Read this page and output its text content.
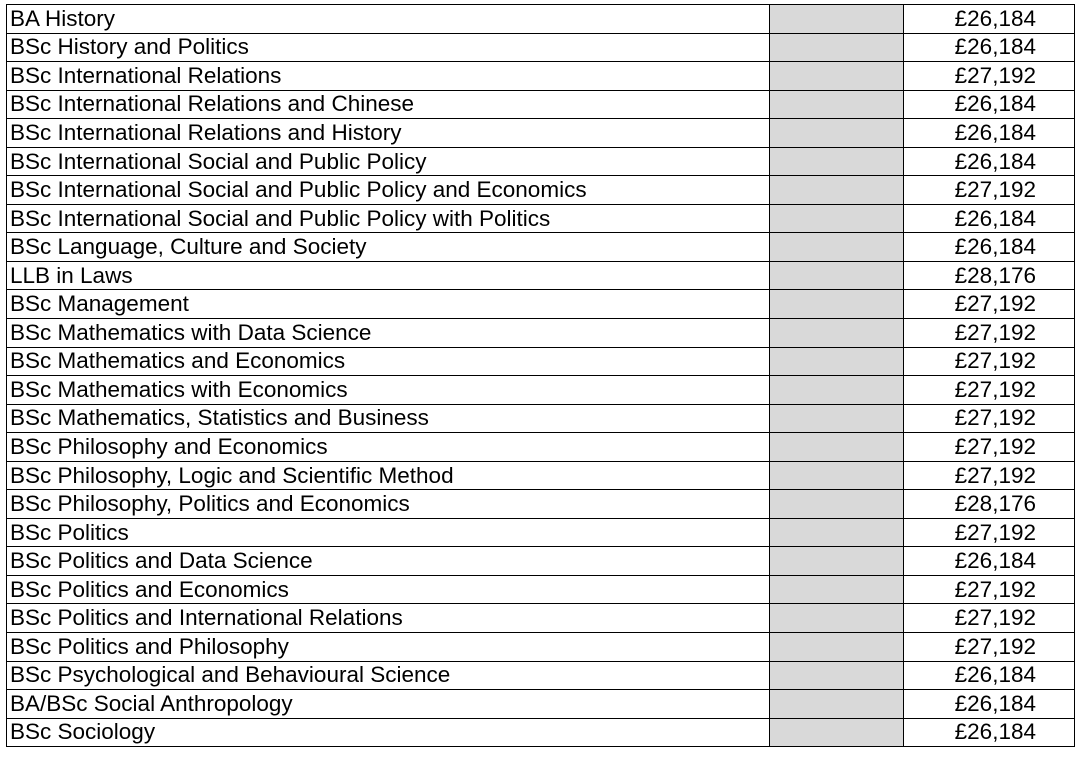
BA History		£26,184
BSc History and Politics		£26,184
BSc International Relations		£27,192
BSc International Relations and Chinese		£26,184
BSc International Relations and History		£26,184
BSc International Social and Public Policy		£26,184
BSc International Social and Public Policy and Economics		£27,192
BSc International Social and Public Policy with Politics		£26,184
BSc Language, Culture and Society		£26,184
LLB in Laws		£28,176
BSc Management		£27,192
BSc Mathematics with Data Science		£27,192
BSc Mathematics and Economics		£27,192
BSc Mathematics with Economics		£27,192
BSc Mathematics, Statistics and Business		£27,192
BSc Philosophy and Economics		£27,192
BSc Philosophy, Logic and Scientific Method		£27,192
BSc Philosophy, Politics and Economics		£28,176
BSc Politics		£27,192
BSc Politics and Data Science		£26,184
BSc Politics and Economics		£27,192
BSc Politics and International Relations		£27,192
BSc Politics and Philosophy		£27,192
BSc Psychological and Behavioural Science		£26,184
BA/BSc Social Anthropology		£26,184
BSc Sociology		£26,184
